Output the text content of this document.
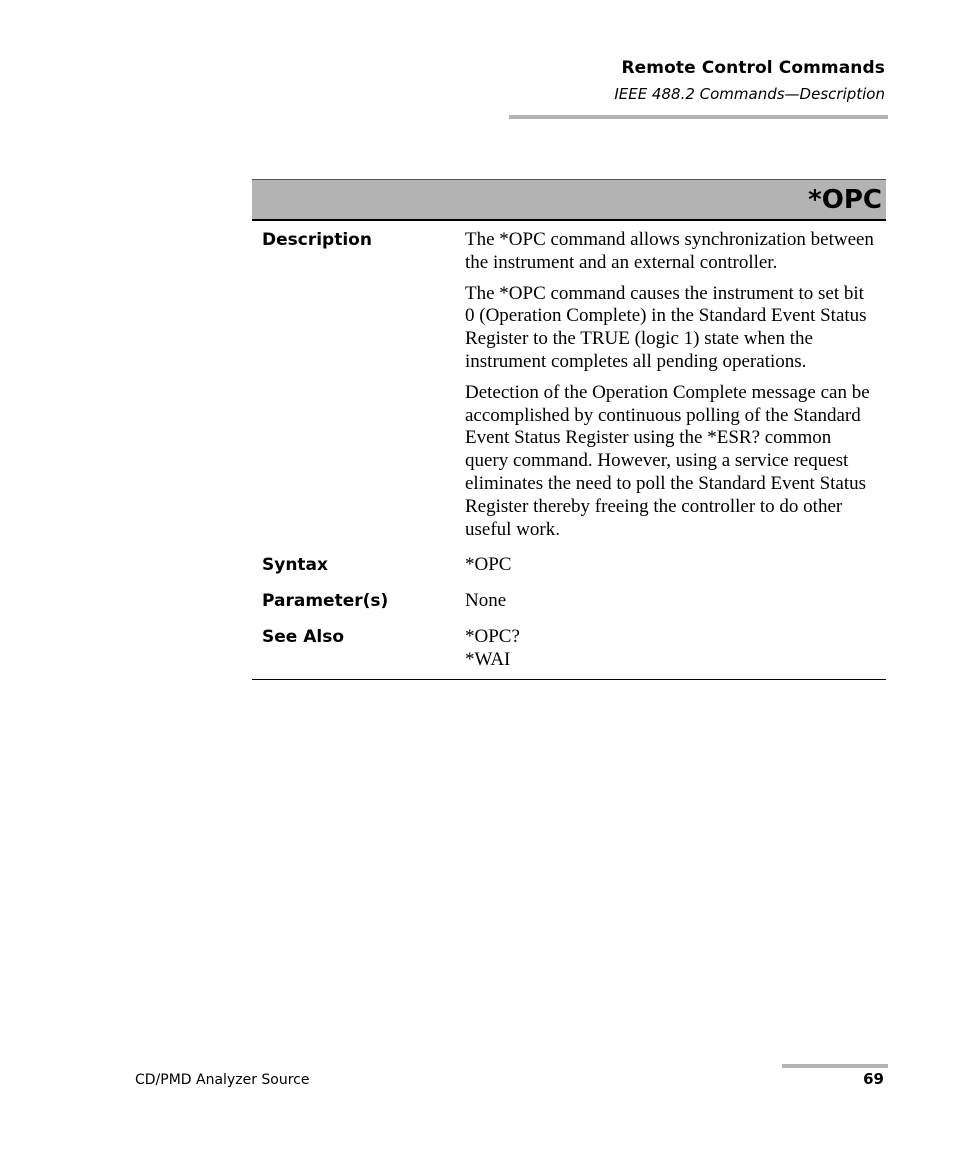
Remote Control Commands
IEEE 488.2 Commands—Description
*OPC
Description	The *OPC command allows synchronization between the instrument and an external controller.

The *OPC command causes the instrument to set bit 0 (Operation Complete) in the Standard Event Status Register to the TRUE (logic 1) state when the instrument completes all pending operations.

Detection of the Operation Complete message can be accomplished by continuous polling of the Standard Event Status Register using the *ESR? common query command. However, using a service request eliminates the need to poll the Standard Event Status Register thereby freeing the controller to do other useful work.

Syntax	*OPC
Parameter(s)	None
See Also	*OPC?
*WAI
CD/PMD Analyzer Source	69
